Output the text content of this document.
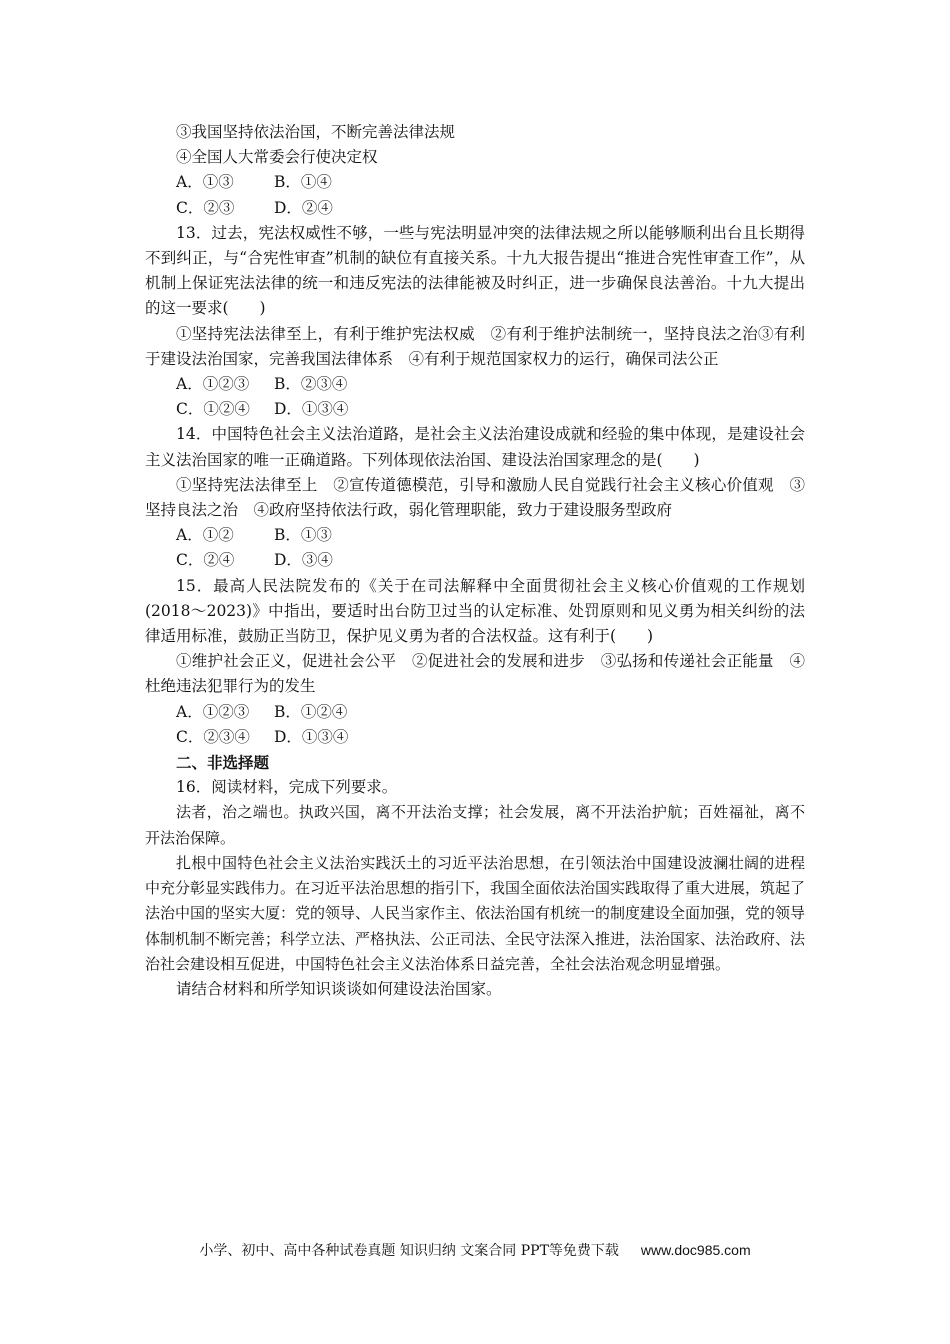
③我国坚持依法治国，不断完善法律法规

④全国人大常委会行使决定权

A．①③	B．①④

C．②③	D．②④

13．过去，宪法权威性不够，一些与宪法明显冲突的法律法规之所以能够顺利出台且长期得不到纠正，与“合宪性审查”机制的缺位有直接关系。十九大报告提出“推进合宪性审查工作”，从机制上保证宪法法律的统一和违反宪法的法律能被及时纠正，进一步确保良法善治。十九大提出的这一要求(　　)

①坚持宪法法律至上，有利于维护宪法权威　②有利于维护法制统一，坚持良法之治③有利于建设法治国家，完善我国法律体系　④有利于规范国家权力的运行，确保司法公正

A．①②③ B．②③④

C．①②④ D．①③④

14．中国特色社会主义法治道路，是社会主义法治建设成就和经验的集中体现，是建设社会主义法治国家的唯一正确道路。下列体现依法治国、建设法治国家理念的是(　　)

①坚持宪法法律至上　②宣传道德模范，引导和激励人民自觉践行社会主义核心价值观　③坚持良法之治　④政府坚持依法行政，弱化管理职能，致力于建设服务型政府

A．①②	B．①③

C．②④	D．③④

15．最高人民法院发布的《关于在司法解释中全面贯彻社会主义核心价值观的工作规划(2018～2023)》中指出，要适时出台防卫过当的认定标准、处罚原则和见义勇为相关纠纷的法律适用标准，鼓励正当防卫，保护见义勇为者的合法权益。这有利于(　　)

①维护社会正义，促进社会公平　②促进社会的发展和进步　③弘扬和传递社会正能量　④杜绝违法犯罪行为的发生

A．①②③ B．①②④

C．②③④ D．①③④

二、非选择题

16．阅读材料，完成下列要求。

法者，治之端也。执政兴国，离不开法治支撑；社会发展，离不开法治护航；百姓福祉，离不开法治保障。

扎根中国特色社会主义法治实践沃土的习近平法治思想，在引领法治中国建设波澜壮阔的进程中充分彰显实践伟力。在习近平法治思想的指引下，我国全面依法治国实践取得了重大进展，筑起了法治中国的坚实大厦：党的领导、人民当家作主、依法治国有机统一的制度建设全面加强，党的领导体制机制不断完善；科学立法、严格执法、公正司法、全民守法深入推进，法治国家、法治政府、法治社会建设相互促进，中国特色社会主义法治体系日益完善，全社会法治观念明显增强。

请结合材料和所学知识谈谈如何建设法治国家。

小学、初中、高中各种试卷真题 知识归纳 文案合同 PPT等免费下载 www.doc985.com
